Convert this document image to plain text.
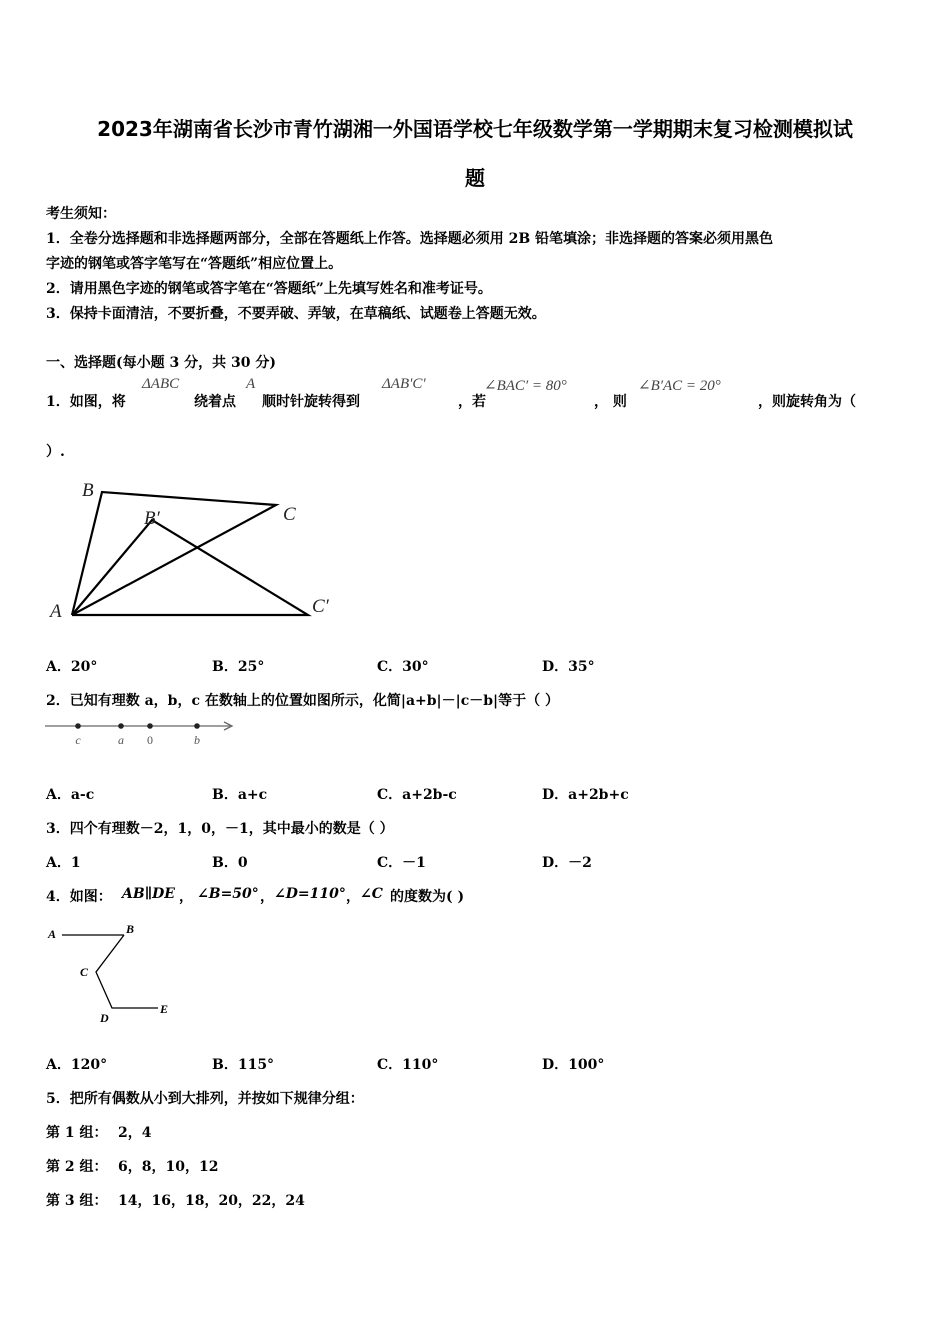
2023年湖南省长沙市青竹湖湘一外国语学校七年级数学第一学期期末复习检测模拟试
题
考生须知：
1．全卷分选择题和非选择题两部分，全部在答题纸上作答。选择题必须用 2B 铅笔填涂；非选择题的答案必须用黑色
字迹的钢笔或答字笔写在“答题纸”相应位置上。
2．请用黑色字迹的钢笔或答字笔在“答题纸”上先填写姓名和准考证号。
3．保持卡面清洁，不要折叠，不要弄破、弄皱，在草稿纸、试题卷上答题无效。
一、选择题(每小题 3 分，共 30 分)
1．如图，将
ΔABC
绕着点
A
顺时针旋转得到
ΔAB'C'
，若
∠BAC′ = 80°
， 则
∠B′AC = 20°
，则旋转角为（
）.
A
B
C
B′
C′
A．20°	B．25°	C．30°	D．35°
2．已知有理数 a，b，c 在数轴上的位置如图所示，化简|a+b|－|c－b|等于（ ）
c	a 0	b
A．a-c	B．a+c	C．a+2b-c	D．a+2b+c
3．四个有理数－2，1，0，－1，其中最小的数是（ ）
A．1	B．0	C．－1	D．－2
4．如图： AB∥DE ， ∠B=50° ， ∠D=110° ， ∠C 的度数为( )
A	B
C
D
E
A．120°	B．115°	C．110°	D．100°
5．把所有偶数从小到大排列，并按如下规律分组：
第 1 组： 2，4
第 2 组： 6，8，10，12
第 3 组： 14，16，18，20，22，24
